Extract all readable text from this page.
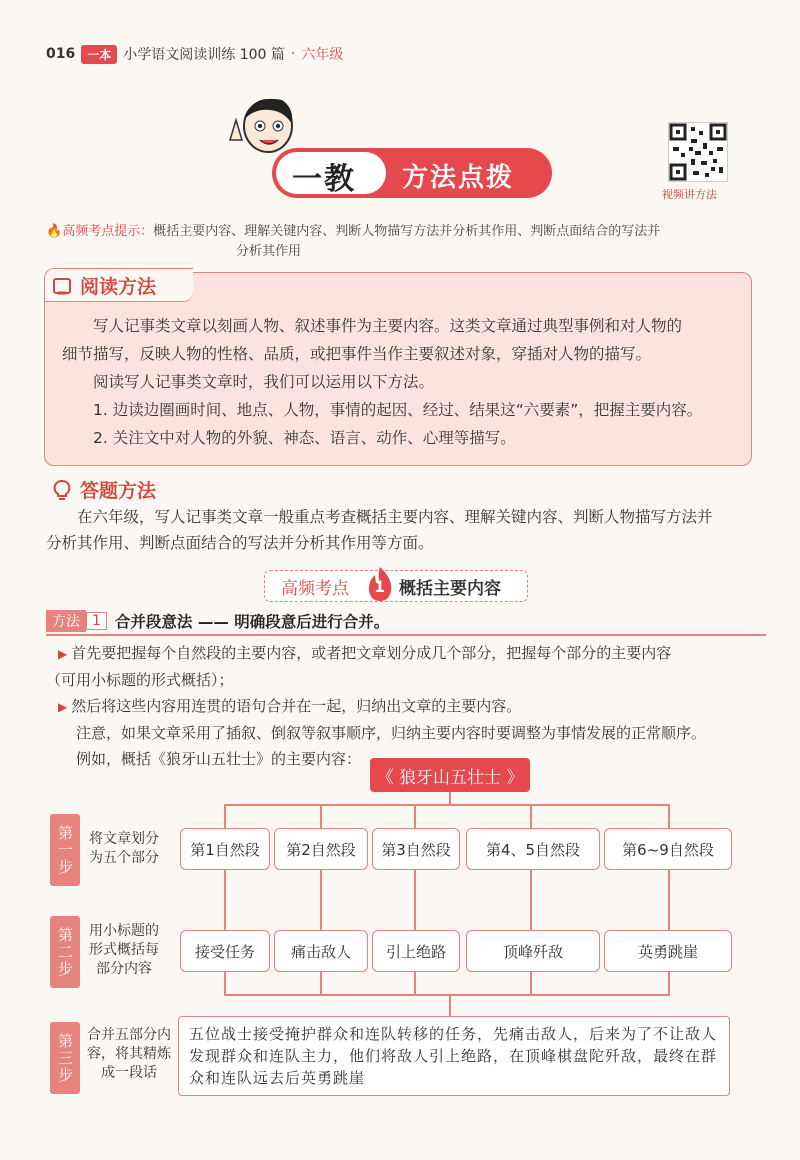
016	一本 小学语文阅读训练 100 篇 · 六年级
一教 方法点拨
视频讲方法
🔥高频考点提示：概括主要内容、理解关键内容、判断人物描写方法并分析其作用、判断点面结合的写法并
分析其作用
阅读方法

写人记事类文章以刻画人物、叙述事件为主要内容。这类文章通过典型事例和对人物的

细节描写，反映人物的性格、品质，或把事件当作主要叙述对象，穿插对人物的描写。

阅读写人记事类文章时，我们可以运用以下方法。

1. 边读边圈画时间、地点、人物，事情的起因、经过、结果这“六要素”，把握主要内容。

2. 关注文中对人物的外貌、神态、语言、动作、心理等描写。

答题方法

在六年级，写人记事类文章一般重点考查概括主要内容、理解关键内容、判断人物描写方法并

分析其作用、判断点面结合的写法并分析其作用等方面。

高频考点 1 概括主要内容
方法 1 合并段意法 —— 明确段意后进行合并。

▶ 首先要把握每个自然段的主要内容，或者把文章划分成几个部分，把握每个部分的主要内容

（可用小标题的形式概括）；

▶ 然后将这些内容用连贯的语句合并在一起，归纳出文章的主要内容。

注意，如果文章采用了插叙、倒叙等叙事顺序，归纳主要内容时要调整为事情发展的正常顺序。

例如，概括《狼牙山五壮士》的主要内容：

《 狼牙山五壮士 》
第一步	将文章划分为五个部分
第二步	用小标题的形式概括每部分内容
第三步 合并五部分内容，将其精炼成一段话
第1自然段	第2自然段	第3自然段	第4、5自然段	第6~9自然段
接受任务	痛击敌人	引上绝路	顶峰歼敌	英勇跳崖
五位战士接受掩护群众和连队转移的任务，先痛击敌人，后来为了不让敌人发现群众和连队主力，他们将敌人引上绝路，在顶峰棋盘陀歼敌，最终在群众和连队远去后英勇跳崖
